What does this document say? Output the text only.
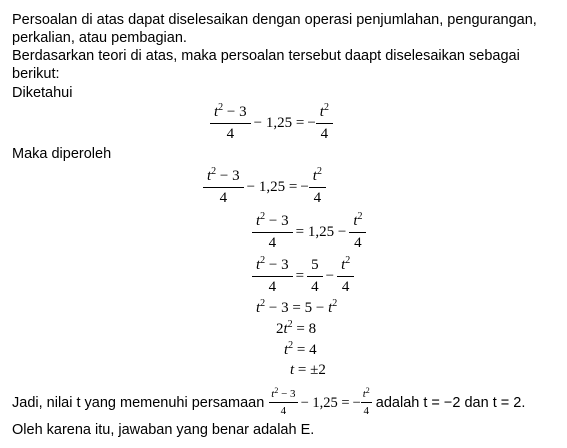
Persoalan di atas dapat diselesaikan dengan operasi penjumlahan, pengurangan,
perkalian, atau pembagian.
Berdasarkan teori di atas, maka persoalan tersebut daapt diselesaikan sebagai
berikut:
Diketahui
$\frac{t^2 - 3}{4} - 1,25$ = − $\frac{t^2}{4}$
Maka diperoleh
$\frac{t^2 - 3}{4} - 1,25$ = − $\frac{t^2}{4}$
$\frac{t^2 - 3}{4} = 1,25 - \frac{t^2}{4}$
$\frac{t^2 - 3}{4} = \frac{5}{4} - \frac{t^2}{4}$
$t^2 - 3 = 5 - t^2$
$2t^2 = 8$
$t^2 = 4$
t = ±2
Jadi, nilai t yang memenuhi persamaan $\frac{t^2 - 3}{4} - 1,25$ = − $\frac{t^2}{4}$ adalah t = −2 dan t = 2.
Oleh karena itu, jawaban yang benar adalah E.
